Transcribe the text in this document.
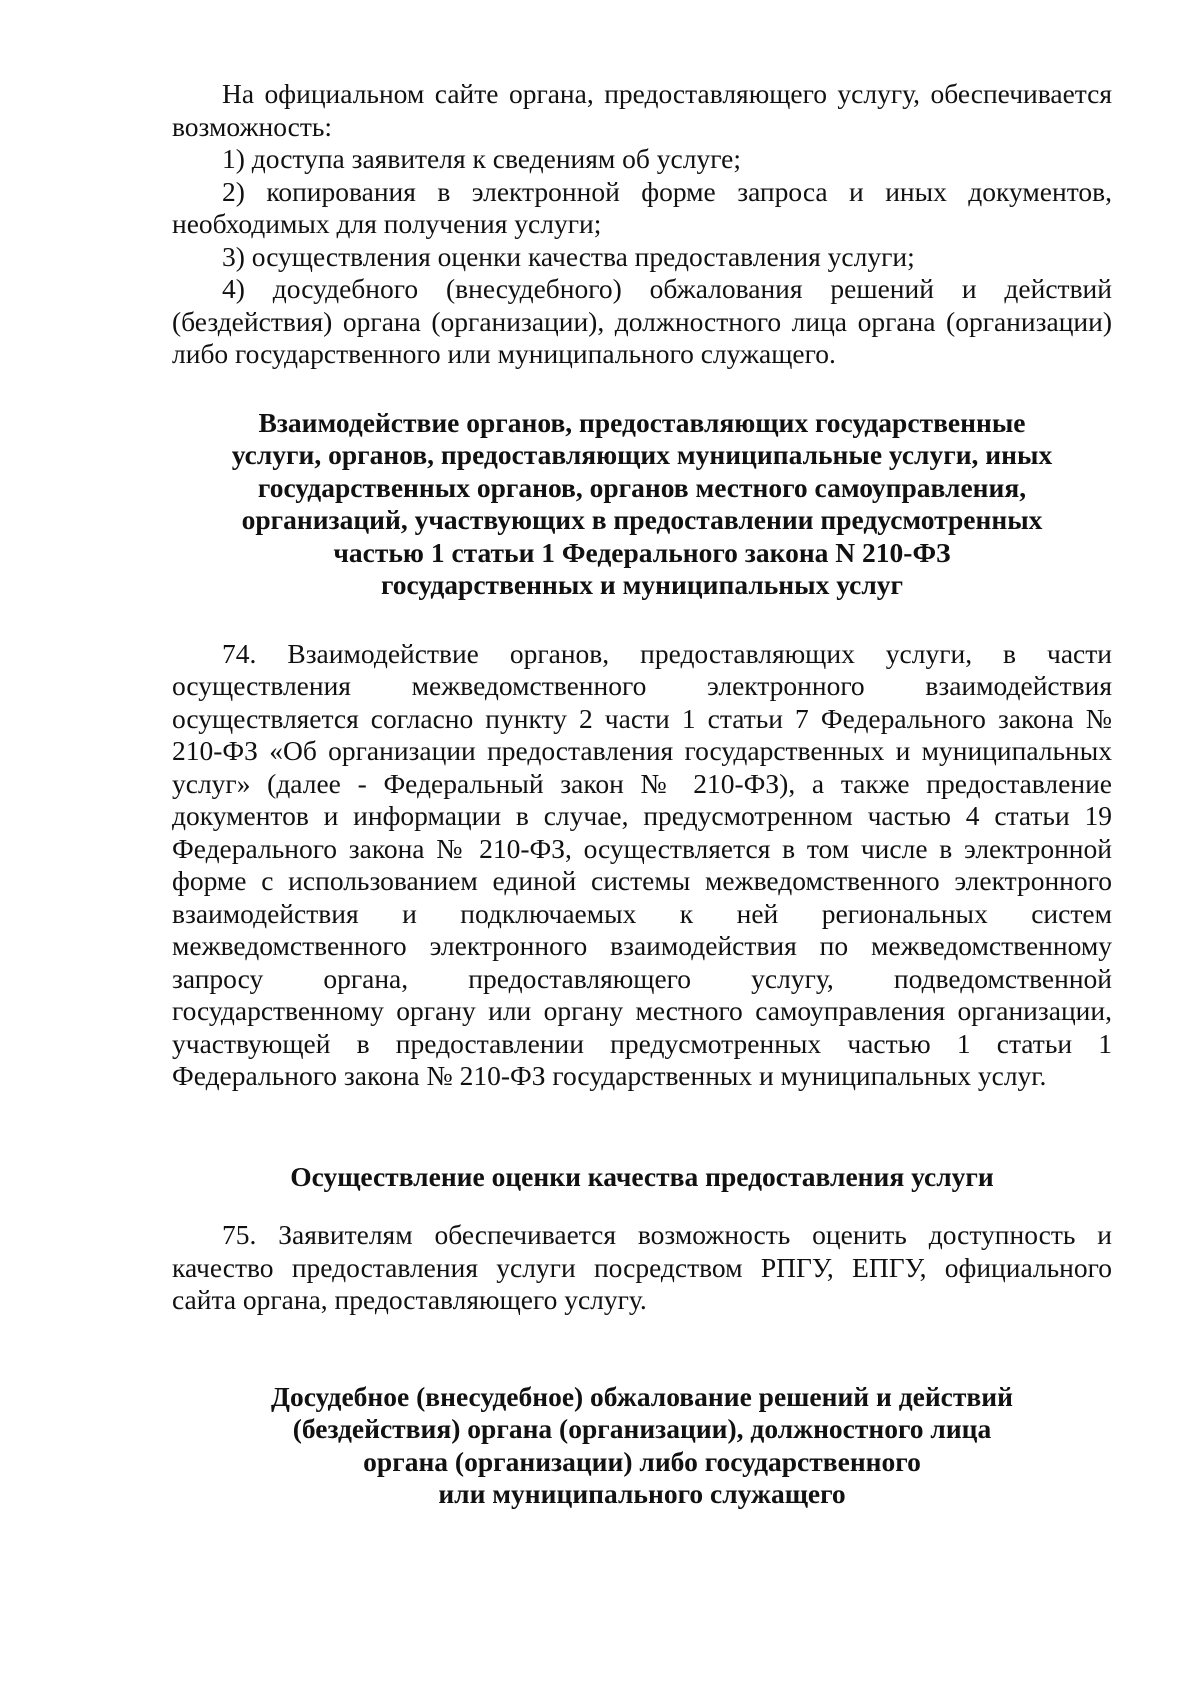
На официальном сайте органа, предоставляющего услугу, обеспечивается возможность:

1) доступа заявителя к сведениям об услуге;

2) копирования в электронной форме запроса и иных документов, необходимых для получения услуги;

3) осуществления оценки качества предоставления услуги;

4) досудебного (внесудебного) обжалования решений и действий (бездействия) органа (организации), должностного лица органа (организации) либо государственного или муниципального служащего.

Взаимодействие органов, предоставляющих государственные
услуги, органов, предоставляющих муниципальные услуги, иных
государственных органов, органов местного самоуправления,
организаций, участвующих в предоставлении предусмотренных
частью 1 статьи 1 Федерального закона N 210-ФЗ
государственных и муниципальных услуг

74. Взаимодействие органов, предоставляющих услуги, в части осуществления межведомственного электронного взаимодействия осуществляется согласно пункту 2 части 1 статьи 7 Федерального закона № 210-ФЗ «Об организации предоставления государственных и муниципальных услуг» (далее - Федеральный закон № 210-ФЗ), а также предоставление документов и информации в случае, предусмотренном частью 4 статьи 19 Федерального закона № 210-ФЗ, осуществляется в том числе в электронной форме с использованием единой системы межведомственного электронного взаимодействия и подключаемых к ней региональных систем межведомственного электронного взаимодействия по межведомственному запросу органа, предоставляющего услугу, подведомственной государственному органу или органу местного самоуправления организации, участвующей в предоставлении предусмотренных частью 1 статьи 1 Федерального закона № 210-ФЗ государственных и муниципальных услуг.

Осуществление оценки качества предоставления услуги

75. Заявителям обеспечивается возможность оценить доступность и качество предоставления услуги посредством РПГУ, ЕПГУ, официального сайта органа, предоставляющего услугу.

Досудебное (внесудебное) обжалование решений и действий
(бездействия) органа (организации), должностного лица
органа (организации) либо государственного
или муниципального служащего
